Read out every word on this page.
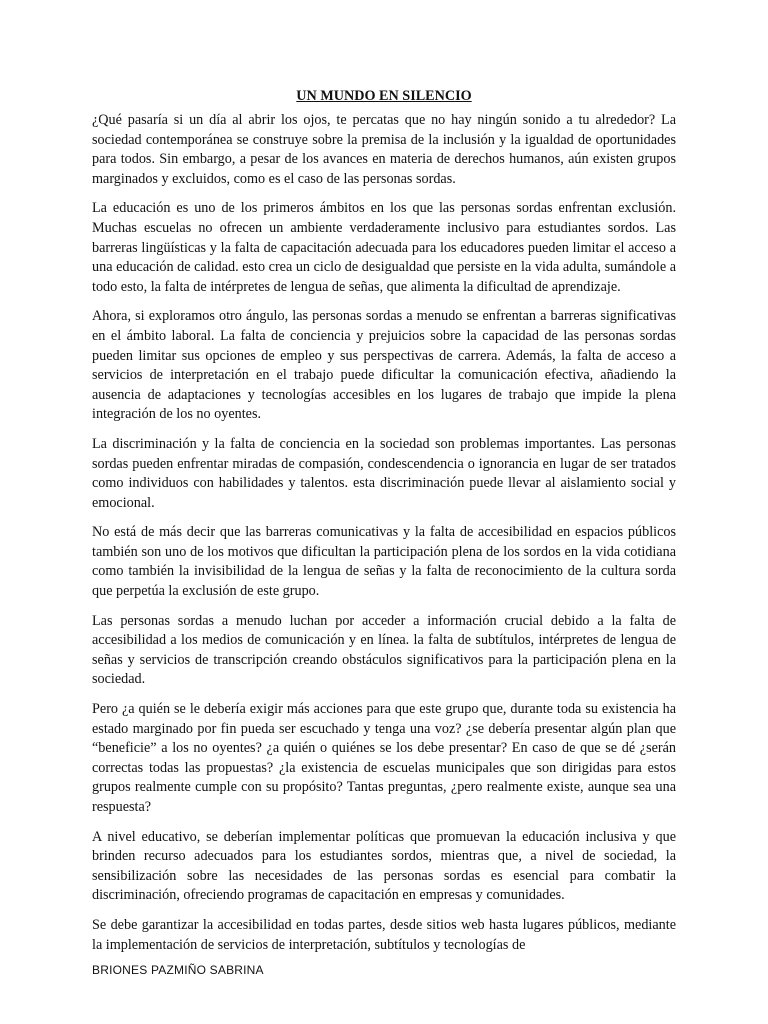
UN MUNDO EN SILENCIO

¿Qué pasaría si un día al abrir los ojos, te percatas que no hay ningún sonido a tu alrededor? La sociedad contemporánea se construye sobre la premisa de la inclusión y la igualdad de oportunidades para todos. Sin embargo, a pesar de los avances en materia de derechos humanos, aún existen grupos marginados y excluidos, como es el caso de las personas sordas.

La educación es uno de los primeros ámbitos en los que las personas sordas enfrentan exclusión. Muchas escuelas no ofrecen un ambiente verdaderamente inclusivo para estudiantes sordos. Las barreras lingüísticas y la falta de capacitación adecuada para los educadores pueden limitar el acceso a una educación de calidad. esto crea un ciclo de desigualdad que persiste en la vida adulta, sumándole a todo esto, la falta de intérpretes de lengua de señas, que alimenta la dificultad de aprendizaje.

Ahora, si exploramos otro ángulo, las personas sordas a menudo se enfrentan a barreras significativas en el ámbito laboral. La falta de conciencia y prejuicios sobre la capacidad de las personas sordas pueden limitar sus opciones de empleo y sus perspectivas de carrera. Además, la falta de acceso a servicios de interpretación en el trabajo puede dificultar la comunicación efectiva, añadiendo la ausencia de adaptaciones y tecnologías accesibles en los lugares de trabajo que impide la plena integración de los no oyentes.

La discriminación y la falta de conciencia en la sociedad son problemas importantes. Las personas sordas pueden enfrentar miradas de compasión, condescendencia o ignorancia en lugar de ser tratados como individuos con habilidades y talentos. esta discriminación puede llevar al aislamiento social y emocional.

No está de más decir que las barreras comunicativas y la falta de accesibilidad en espacios públicos también son uno de los motivos que dificultan la participación plena de los sordos en la vida cotidiana como también la invisibilidad de la lengua de señas y la falta de reconocimiento de la cultura sorda que perpetúa la exclusión de este grupo.

Las personas sordas a menudo luchan por acceder a información crucial debido a la falta de accesibilidad a los medios de comunicación y en línea. la falta de subtítulos, intérpretes de lengua de señas y servicios de transcripción creando obstáculos significativos para la participación plena en la sociedad.

Pero ¿a quién se le debería exigir más acciones para que este grupo que, durante toda su existencia ha estado marginado por fin pueda ser escuchado y tenga una voz? ¿se debería presentar algún plan que “beneficie” a los no oyentes? ¿a quién o quiénes se los debe presentar? En caso de que se dé ¿serán correctas todas las propuestas? ¿la existencia de escuelas municipales que son dirigidas para estos grupos realmente cumple con su propósito? Tantas preguntas, ¿pero realmente existe, aunque sea una respuesta?

A nivel educativo, se deberían implementar políticas que promuevan la educación inclusiva y que brinden recurso adecuados para los estudiantes sordos, mientras que, a nivel de sociedad, la sensibilización sobre las necesidades de las personas sordas es esencial para combatir la discriminación, ofreciendo programas de capacitación en empresas y comunidades.

Se debe garantizar la accesibilidad en todas partes, desde sitios web hasta lugares públicos, mediante la implementación de servicios de interpretación, subtítulos y tecnologías de

BRIONES PAZMIÑO SABRINA
